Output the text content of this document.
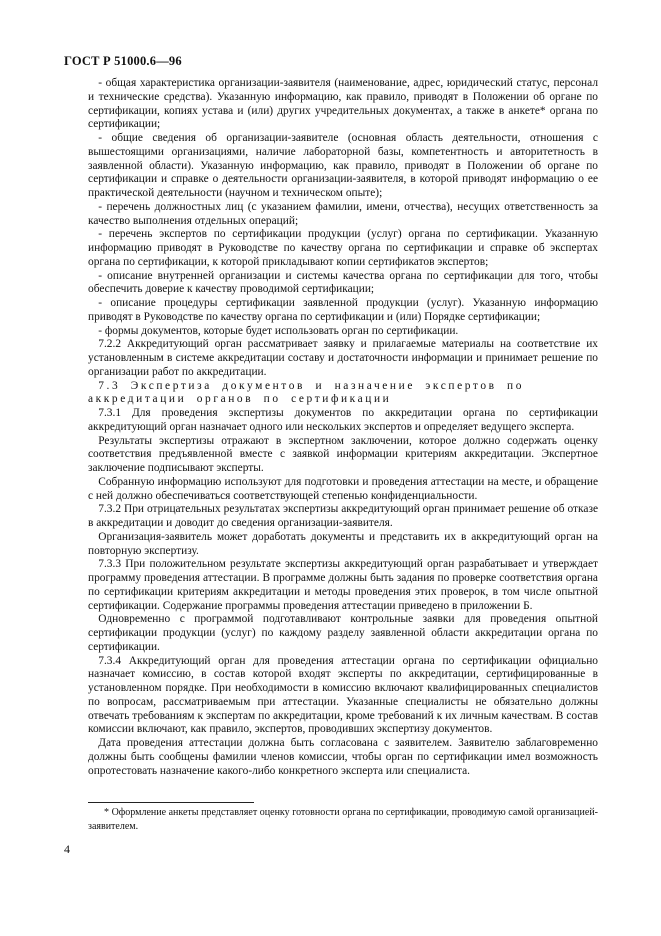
ГОСТ Р 51000.6—96

- общая характеристика организации-заявителя (наименование, адрес, юридический статус, персонал и технические средства). Указанную информацию, как правило, приводят в Положении об органе по сертификации, копиях устава и (или) других учредительных документах, а также в анкете* органа по сертификации;

- общие сведения об организации-заявителе (основная область деятельности, отношения с вышестоящими организациями, наличие лабораторной базы, компетентность и авторитетность в заявленной области). Указанную информацию, как правило, приводят в Положении об органе по сертификации и справке о деятельности организации-заявителя, в которой приводят информацию о ее практической деятельности (научном и техническом опыте);

- перечень должностных лиц (с указанием фамилии, имени, отчества), несущих ответственность за качество выполнения отдельных операций;

- перечень экспертов по сертификации продукции (услуг) органа по сертификации. Указанную информацию приводят в Руководстве по качеству органа по сертификации и справке об экспертах органа по сертификации, к которой прикладывают копии сертификатов экспертов;

- описание внутренней организации и системы качества органа по сертификации для того, чтобы обеспечить доверие к качеству проводимой сертификации;

- описание процедуры сертификации заявленной продукции (услуг). Указанную информацию приводят в Руководстве по качеству органа по сертификации и (или) Порядке сертификации;

- формы документов, которые будет использовать орган по сертификации.

7.2.2 Аккредитующий орган рассматривает заявку и прилагаемые материалы на соответствие их установленным в системе аккредитации составу и достаточности информации и принимает решение по организации работ по аккредитации.

7.3 Экспертиза документов и назначение экспертов по аккредитации органов по сертификации

7.3.1 Для проведения экспертизы документов по аккредитации органа по сертификации аккредитующий орган назначает одного или нескольких экспертов и определяет ведущего эксперта.

Результаты экспертизы отражают в экспертном заключении, которое должно содержать оценку соответствия предъявленной вместе с заявкой информации критериям аккредитации. Экспертное заключение подписывают эксперты.

Собранную информацию используют для подготовки и проведения аттестации на месте, и обращение с ней должно обеспечиваться соответствующей степенью конфиденциальности.

7.3.2 При отрицательных результатах экспертизы аккредитующий орган принимает решение об отказе в аккредитации и доводит до сведения организации-заявителя.

Организация-заявитель может доработать документы и представить их в аккредитующий орган на повторную экспертизу.

7.3.3 При положительном результате экспертизы аккредитующий орган разрабатывает и утверждает программу проведения аттестации. В программе должны быть задания по проверке соответствия органа по сертификации критериям аккредитации и методы проведения этих проверок, в том числе опытной сертификации. Содержание программы проведения аттестации приведено в приложении Б.

Одновременно с программой подготавливают контрольные заявки для проведения опытной сертификации продукции (услуг) по каждому разделу заявленной области аккредитации органа по сертификации.

7.3.4 Аккредитующий орган для проведения аттестации органа по сертификации официально назначает комиссию, в состав которой входят эксперты по аккредитации, сертифицированные в установленном порядке. При необходимости в комиссию включают квалифицированных специалистов по вопросам, рассматриваемым при аттестации. Указанные специалисты не обязательно должны отвечать требованиям к экспертам по аккредитации, кроме требований к их личным качествам. В состав комиссии включают, как правило, экспертов, проводивших экспертизу документов.

Дата проведения аттестации должна быть согласована с заявителем. Заявителю заблаговременно должны быть сообщены фамилии членов комиссии, чтобы орган по сертификации имел возможность опротестовать назначение какого-либо конкретного эксперта или специалиста.

* Оформление анкеты представляет оценку готовности органа по сертификации, проводимую самой организацией-заявителем.
4
